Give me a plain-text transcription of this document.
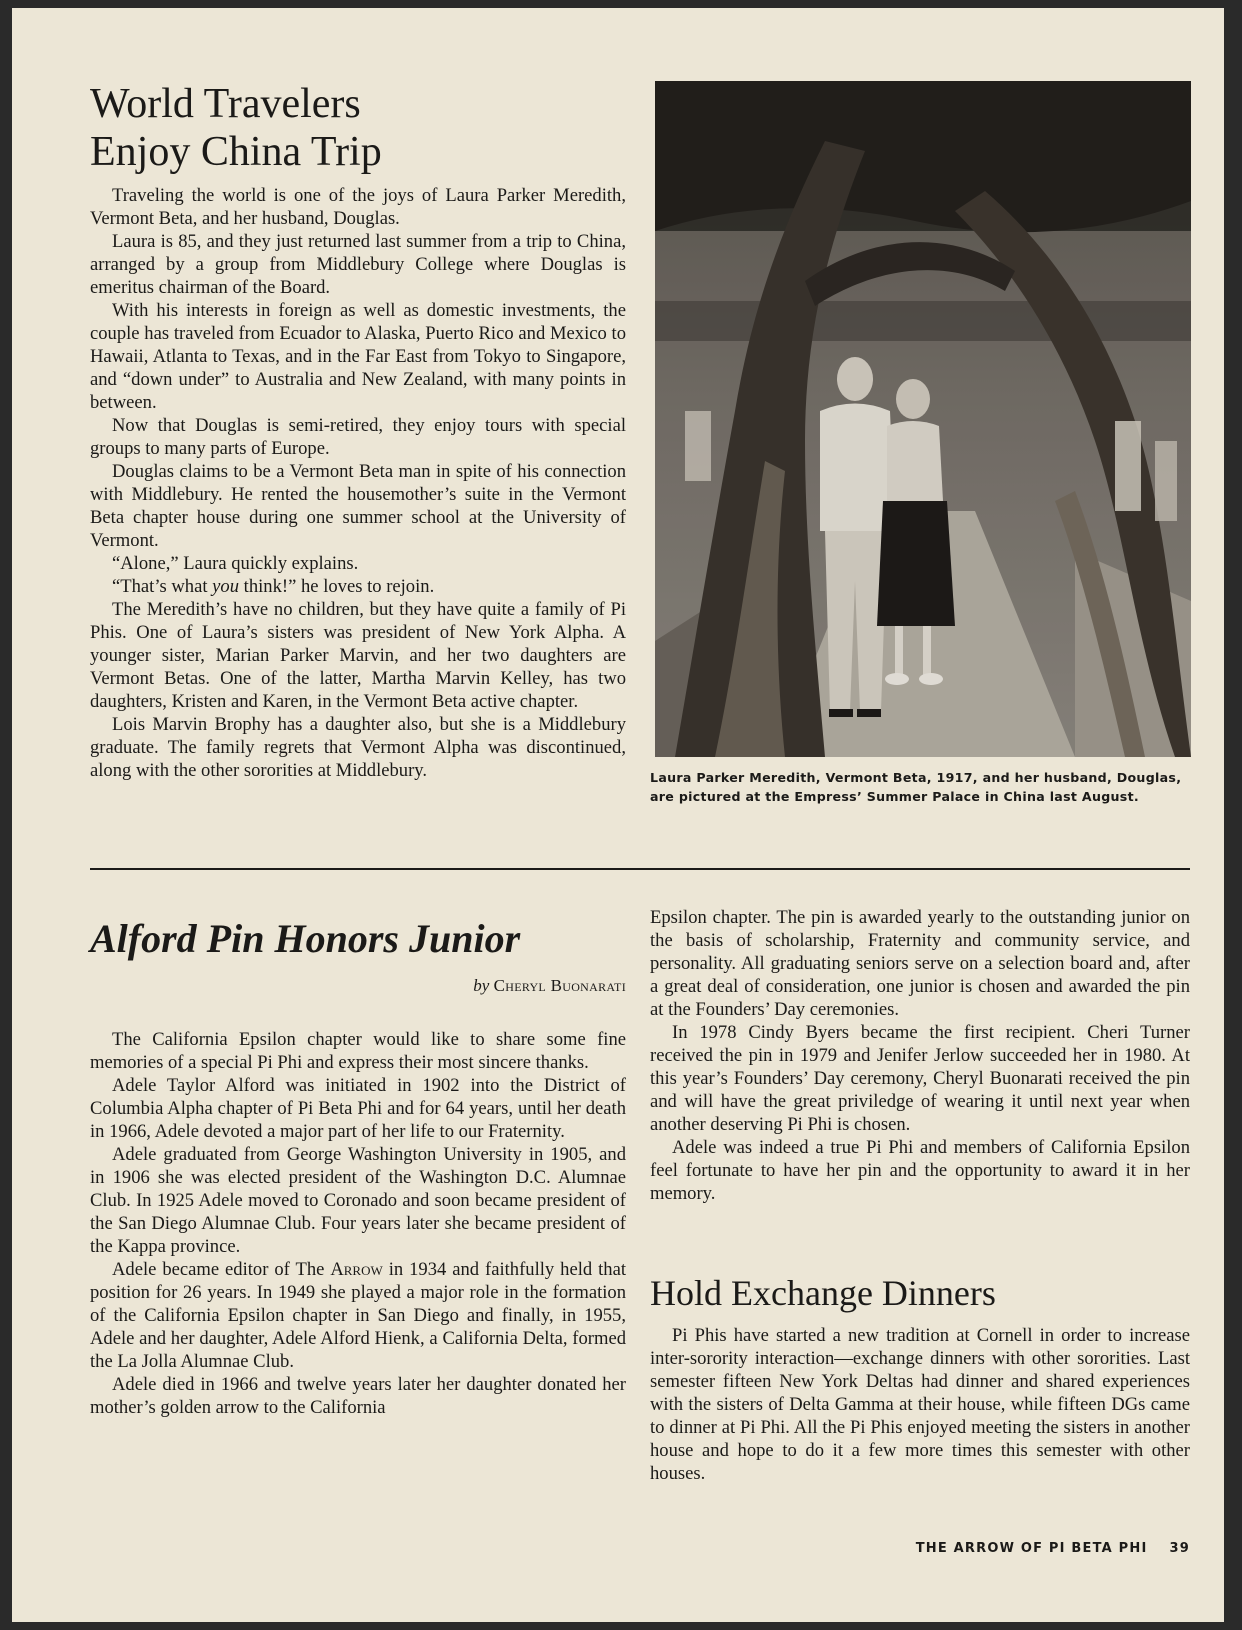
World Travelers
Enjoy China Trip

Traveling the world is one of the joys of Laura Parker Meredith, Vermont Beta, and her husband, Douglas.

Laura is 85, and they just returned last summer from a trip to China, arranged by a group from Middlebury College where Douglas is emeritus chairman of the Board.

With his interests in foreign as well as domestic investments, the couple has traveled from Ecuador to Alaska, Puerto Rico and Mexico to Hawaii, Atlanta to Texas, and in the Far East from Tokyo to Singapore, and “down under” to Australia and New Zealand, with many points in between.

Now that Douglas is semi-retired, they enjoy tours with special groups to many parts of Europe.

Douglas claims to be a Vermont Beta man in spite of his connection with Middlebury. He rented the housemother’s suite in the Vermont Beta chapter house during one summer school at the University of Vermont.

“Alone,” Laura quickly explains.

“That’s what you think!” he loves to rejoin.

The Meredith’s have no children, but they have quite a family of Pi Phis. One of Laura’s sisters was president of New York Alpha. A younger sister, Marian Parker Marvin, and her two daughters are Vermont Betas. One of the latter, Martha Marvin Kelley, has two daughters, Kristen and Karen, in the Vermont Beta active chapter.

Lois Marvin Brophy has a daughter also, but she is a Middlebury graduate. The family regrets that Vermont Alpha was discontinued, along with the other sororities at Middlebury.	Laura Parker Meredith, Vermont Beta, 1917, and her husband, Douglas, are pictured at the Empress’ Summer Palace in China last August.

Alford Pin Honors Junior
by Cheryl Buonarati

The California Epsilon chapter would like to share some fine memories of a special Pi Phi and express their most sincere thanks.

Adele Taylor Alford was initiated in 1902 into the District of Columbia Alpha chapter of Pi Beta Phi and for 64 years, until her death in 1966, Adele devoted a major part of her life to our Fraternity.

Adele graduated from George Washington University in 1905, and in 1906 she was elected president of the Washington D.C. Alumnae Club. In 1925 Adele moved to Coronado and soon became president of the San Diego Alumnae Club. Four years later she became president of the Kappa province.

Adele became editor of The Arrow in 1934 and faithfully held that position for 26 years. In 1949 she played a major role in the formation of the California Epsilon chapter in San Diego and finally, in 1955, Adele and her daughter, Adele Alford Hienk, a California Delta, formed the La Jolla Alumnae Club.

Adele died in 1966 and twelve years later her daughter donated her mother’s golden arrow to the California

Epsilon chapter. The pin is awarded yearly to the outstanding junior on the basis of scholarship, Fraternity and community service, and personality. All graduating seniors serve on a selection board and, after a great deal of consideration, one junior is chosen and awarded the pin at the Founders’ Day ceremonies.

In 1978 Cindy Byers became the first recipient. Cheri Turner received the pin in 1979 and Jenifer Jerlow succeeded her in 1980. At this year’s Founders’ Day ceremony, Cheryl Buonarati received the pin and will have the great priviledge of wearing it until next year when another deserving Pi Phi is chosen.

Adele was indeed a true Pi Phi and members of California Epsilon feel fortunate to have her pin and the opportunity to award it in her memory.

Hold Exchange Dinners

Pi Phis have started a new tradition at Cornell in order to increase inter-sorority interaction—exchange dinners with other sororities. Last semester fifteen New York Deltas had dinner and shared experiences with the sisters of Delta Gamma at their house, while fifteen DGs came to dinner at Pi Phi. All the Pi Phis enjoyed meeting the sisters in another house and hope to do it a few more times this semester with other houses.

THE ARROW OF PI BETA PHI 39
